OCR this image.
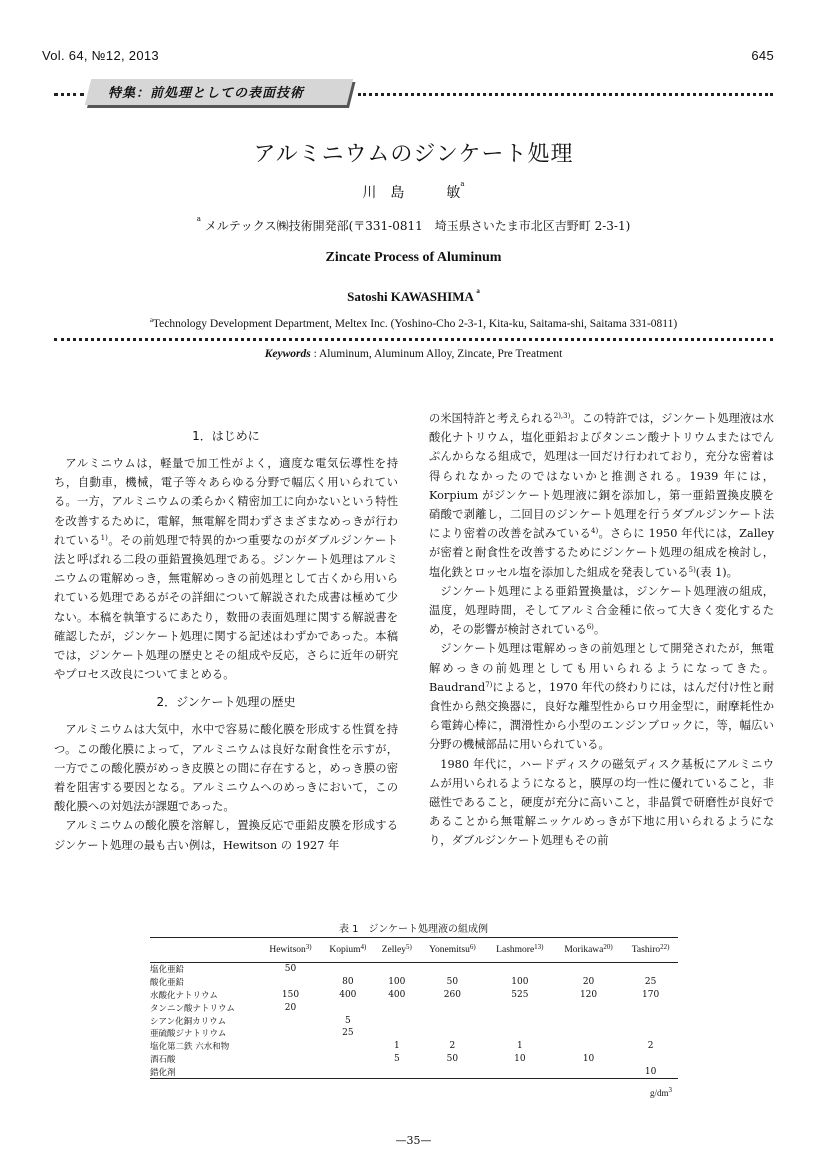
Vol. 64, №12, 2013	645
特集：前処理としての表面技術
アルミニウムのジンケート処理
川　島　　　敏$^a$
$^a$ メルテックス㈱技術開発部(〒331-0811　埼玉県さいたま市北区吉野町 2-3-1)
Zincate Process of Aluminum
Satoshi KAWASHIMA $^a$
$^a$Technology Development Department, Meltex Inc. (Yoshino-Cho 2-3-1, Kita-ku, Saitama-shi, Saitama 331-0811)
Keywords : Aluminum, Aluminum Alloy, Zincate, Pre Treatment
1．はじめに

アルミニウムは，軽量で加工性がよく，適度な電気伝導性を持ち，自動車，機械，電子等々あらゆる分野で幅広く用いられている。一方，アルミニウムの柔らかく精密加工に向かないという特性を改善するために，電解，無電解を問わずさまざまなめっきが行われている$^{1)}$。その前処理で特異的かつ重要なのがダブルジンケート法と呼ばれる二段の亜鉛置換処理である。ジンケート処理はアルミニウムの電解めっき，無電解めっきの前処理として古くから用いられている処理であるがその詳細について解説された成書は極めて少ない。本稿を執筆するにあたり，数冊の表面処理に関する解説書を確認したが，ジンケート処理に関する記述はわずかであった。本稿では，ジンケート処理の歴史とその組成や反応，さらに近年の研究やプロセス改良についてまとめる。

2．ジンケート処理の歴史

アルミニウムは大気中，水中で容易に酸化膜を形成する性質を持つ。この酸化膜によって，アルミニウムは良好な耐食性を示すが，一方でこの酸化膜がめっき皮膜との間に存在すると，めっき膜の密着を阻害する要因となる。アルミニウムへのめっきにおいて，この酸化膜への対処法が課題であった。

アルミニウムの酸化膜を溶解し，置換反応で亜鉛皮膜を形成するジンケート処理の最も古い例は，Hewitson の 1927 年

の米国特許と考えられる$^{2),3)}$。この特許では，ジンケート処理液は水酸化ナトリウム，塩化亜鉛およびタンニン酸ナトリウムまたはでんぷんからなる組成で，処理は一回だけ行われており，充分な密着は得られなかったのではないかと推測される。1939 年には，Korpium がジンケート処理液に銅を添加し，第一亜鉛置換皮膜を硝酸で剥離し，二回目のジンケート処理を行うダブルジンケート法により密着の改善を試みている$^{4)}$。さらに 1950 年代には，Zalley が密着と耐食性を改善するためにジンケート処理の組成を検討し，塩化鉄とロッセル塩を添加した組成を発表している$^{5)}$(表 1)。

ジンケート処理による亜鉛置換量は，ジンケート処理液の組成，温度，処理時間，そしてアルミ合金種に依って大きく変化するため，その影響が検討されている$^{6)}$。

ジンケート処理は電解めっきの前処理として開発されたが，無電解めっきの前処理としても用いられるようになってきた。Baudrand$^{7)}$によると，1970 年代の終わりには，はんだ付け性と耐食性から熱交換器に，良好な離型性からロウ用金型に，耐摩耗性から電鋳心棒に，潤滑性から小型のエンジンブロックに，等，幅広い分野の機械部品に用いられている。

1980 年代に，ハードディスクの磁気ディスク基板にアルミニウムが用いられるようになると，膜厚の均一性に優れていること，非磁性であること，硬度が充分に高いこと，非晶質で研磨性が良好であることから無電解ニッケルめっきが下地に用いられるようになり，ダブルジンケート処理もその前

表 1　ジンケート処理液の組成例
	Hewitson$^{3)}$	Kopium$^{4)}$	Zelley$^{5)}$	Yonemitsu$^{6)}$	Lashmore$^{13)}$	Morikawa$^{20)}$	Tashiro$^{22)}$
塩化亜鉛	50						
酸化亜鉛		80	100	50	100	20	25
水酸化ナトリウム	150	400	400	260	525	120	170
タンニン酸ナトリウム	20						
シアン化銅カリウム		5					
亜硫酸ジナトリウム		25					
塩化第二鉄 六水和物			1	2	1		2
酒石酸			5	50	10	10	
錯化剤							10
$g/dm^3$
—35—
